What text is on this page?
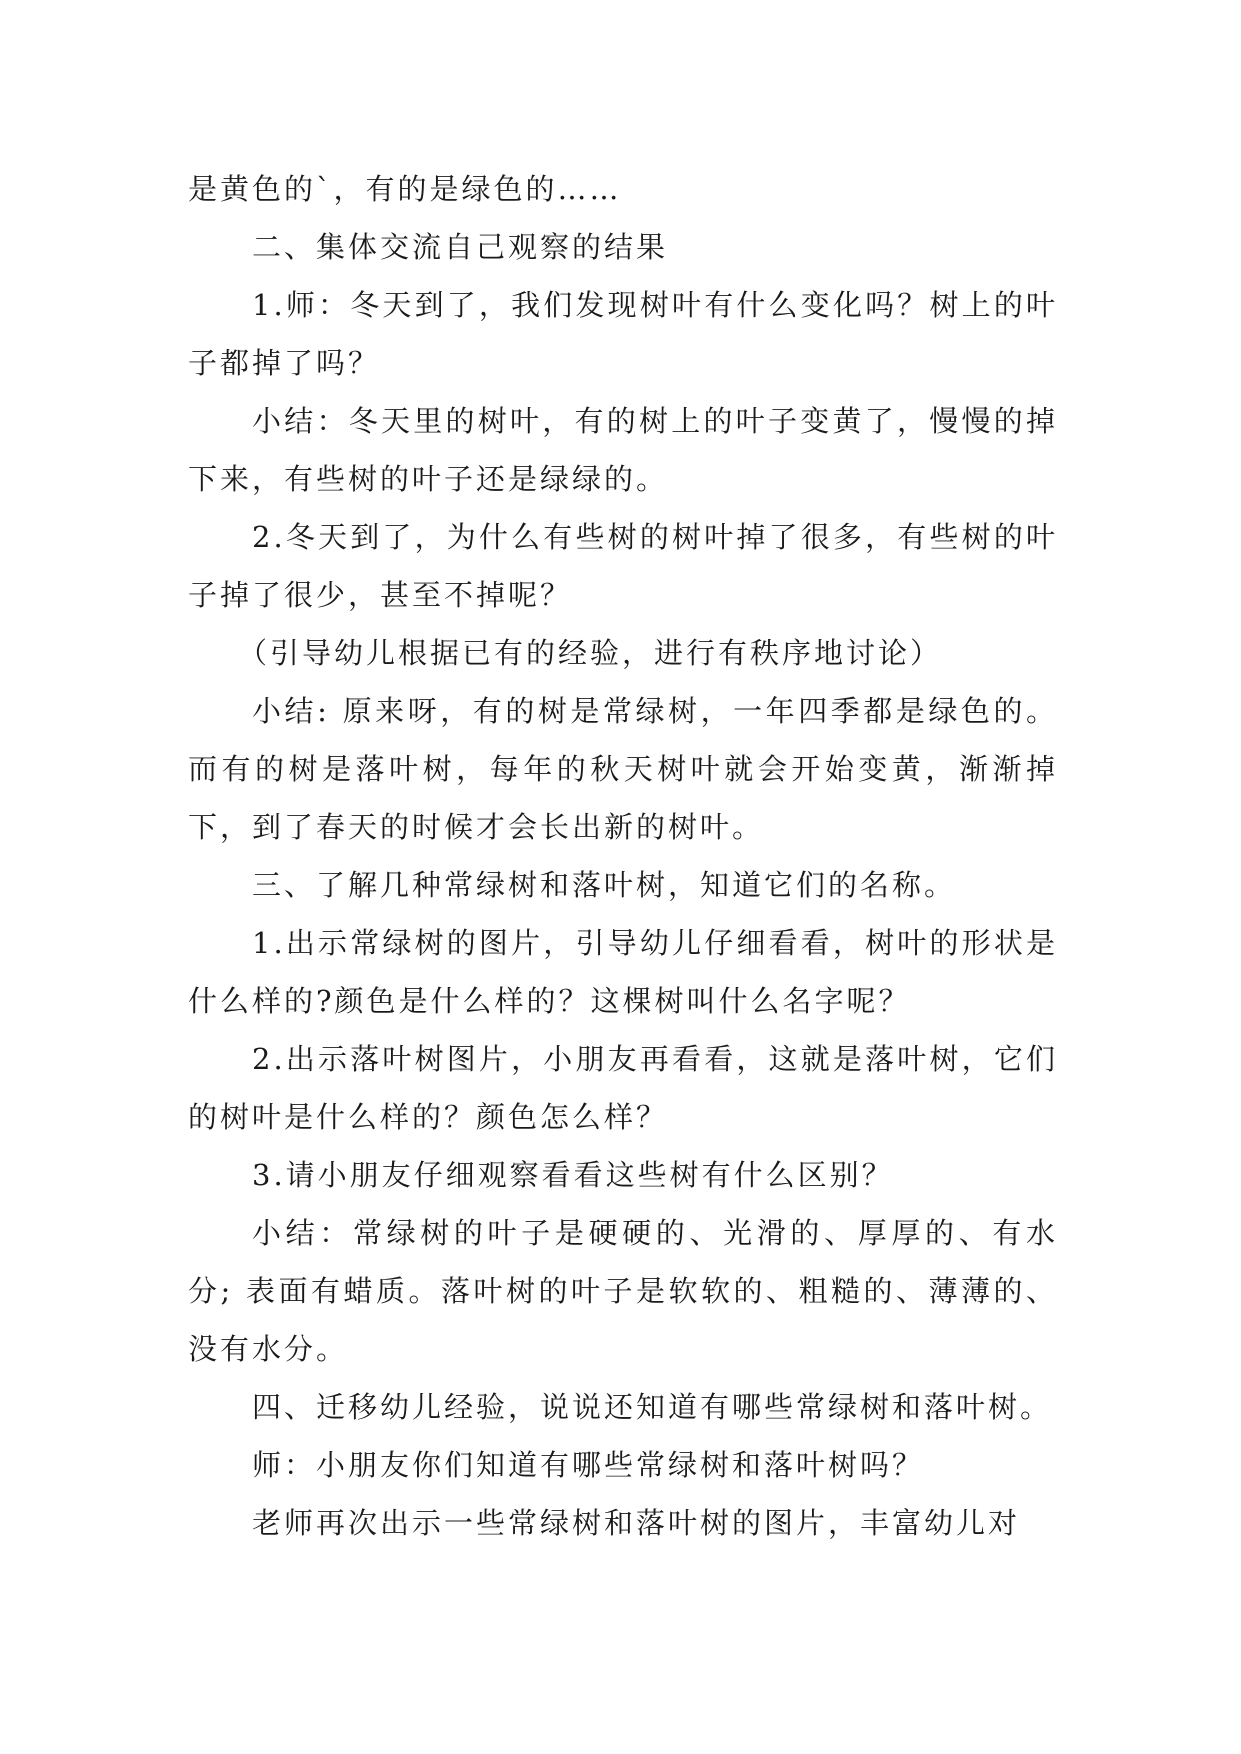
是黄色的`，有的是绿色的……

二、集体交流自己观察的结果

1.师：冬天到了，我们发现树叶有什么变化吗？树上的叶子都掉了吗？

小结：冬天里的树叶，有的树上的叶子变黄了，慢慢的掉下来，有些树的叶子还是绿绿的。

2.冬天到了，为什么有些树的树叶掉了很多，有些树的叶子掉了很少，甚至不掉呢？

（引导幼儿根据已有的经验，进行有秩序地讨论）

小结: 原来呀，有的树是常绿树，一年四季都是绿色的。而有的树是落叶树，每年的秋天树叶就会开始变黄，渐渐掉下，到了春天的时候才会长出新的树叶。

三、了解几种常绿树和落叶树，知道它们的名称。

1.出示常绿树的图片，引导幼儿仔细看看，树叶的形状是什么样的?颜色是什么样的？这棵树叫什么名字呢？

2.出示落叶树图片，小朋友再看看，这就是落叶树，它们的树叶是什么样的？颜色怎么样？

3.请小朋友仔细观察看看这些树有什么区别？

小结：常绿树的叶子是硬硬的、光滑的、厚厚的、有水分; 表面有蜡质。落叶树的叶子是软软的、粗糙的、薄薄的、没有水分。

四、迁移幼儿经验，说说还知道有哪些常绿树和落叶树。

师：小朋友你们知道有哪些常绿树和落叶树吗？

老师再次出示一些常绿树和落叶树的图片，丰富幼儿对
